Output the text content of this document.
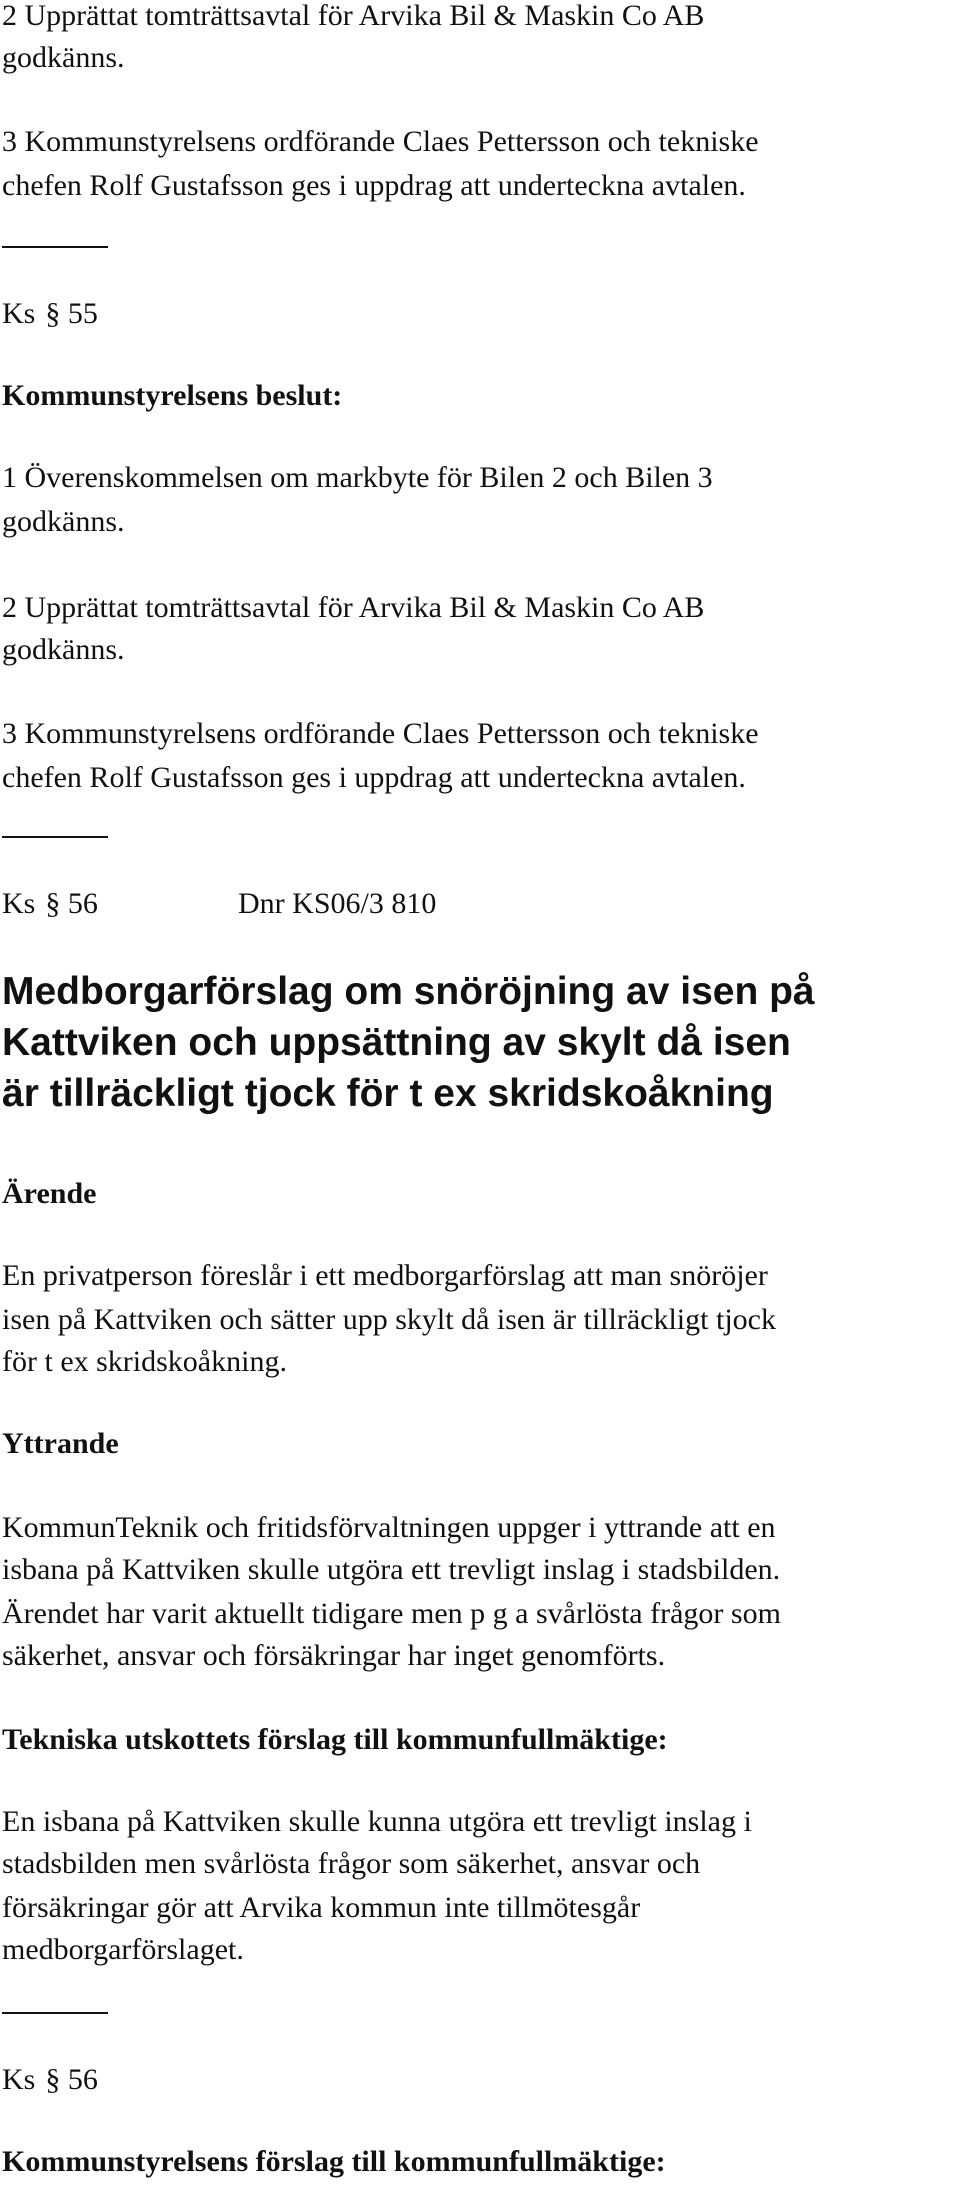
2 Upprättat tomträttsavtal för Arvika Bil & Maskin Co AB
godkänns.
3 Kommunstyrelsens ordförande Claes Pettersson och tekniske
chefen Rolf Gustafsson ges i uppdrag att underteckna avtalen.
Ks § 55
Kommunstyrelsens beslut:
1 Överenskommelsen om markbyte för Bilen 2 och Bilen 3
godkänns.
2 Upprättat tomträttsavtal för Arvika Bil & Maskin Co AB
godkänns.
3 Kommunstyrelsens ordförande Claes Pettersson och tekniske
chefen Rolf Gustafsson ges i uppdrag att underteckna avtalen.
Ks § 56	Dnr KS06/3 810
Medborgarförslag om snöröjning av isen på
Kattviken och uppsättning av skylt då isen
är tillräckligt tjock för t ex skridskoåkning
Ärende
En privatperson föreslår i ett medborgarförslag att man snöröjer
isen på Kattviken och sätter upp skylt då isen är tillräckligt tjock
för t ex skridskoåkning.
Yttrande
KommunTeknik och fritidsförvaltningen uppger i yttrande att en
isbana på Kattviken skulle utgöra ett trevligt inslag i stadsbilden.
Ärendet har varit aktuellt tidigare men p g a svårlösta frågor som
säkerhet, ansvar och försäkringar har inget genomförts.
Tekniska utskottets förslag till kommunfullmäktige:
En isbana på Kattviken skulle kunna utgöra ett trevligt inslag i
stadsbilden men svårlösta frågor som säkerhet, ansvar och
försäkringar gör att Arvika kommun inte tillmötesgår
medborgarförslaget.
Ks § 56
Kommunstyrelsens förslag till kommunfullmäktige:
